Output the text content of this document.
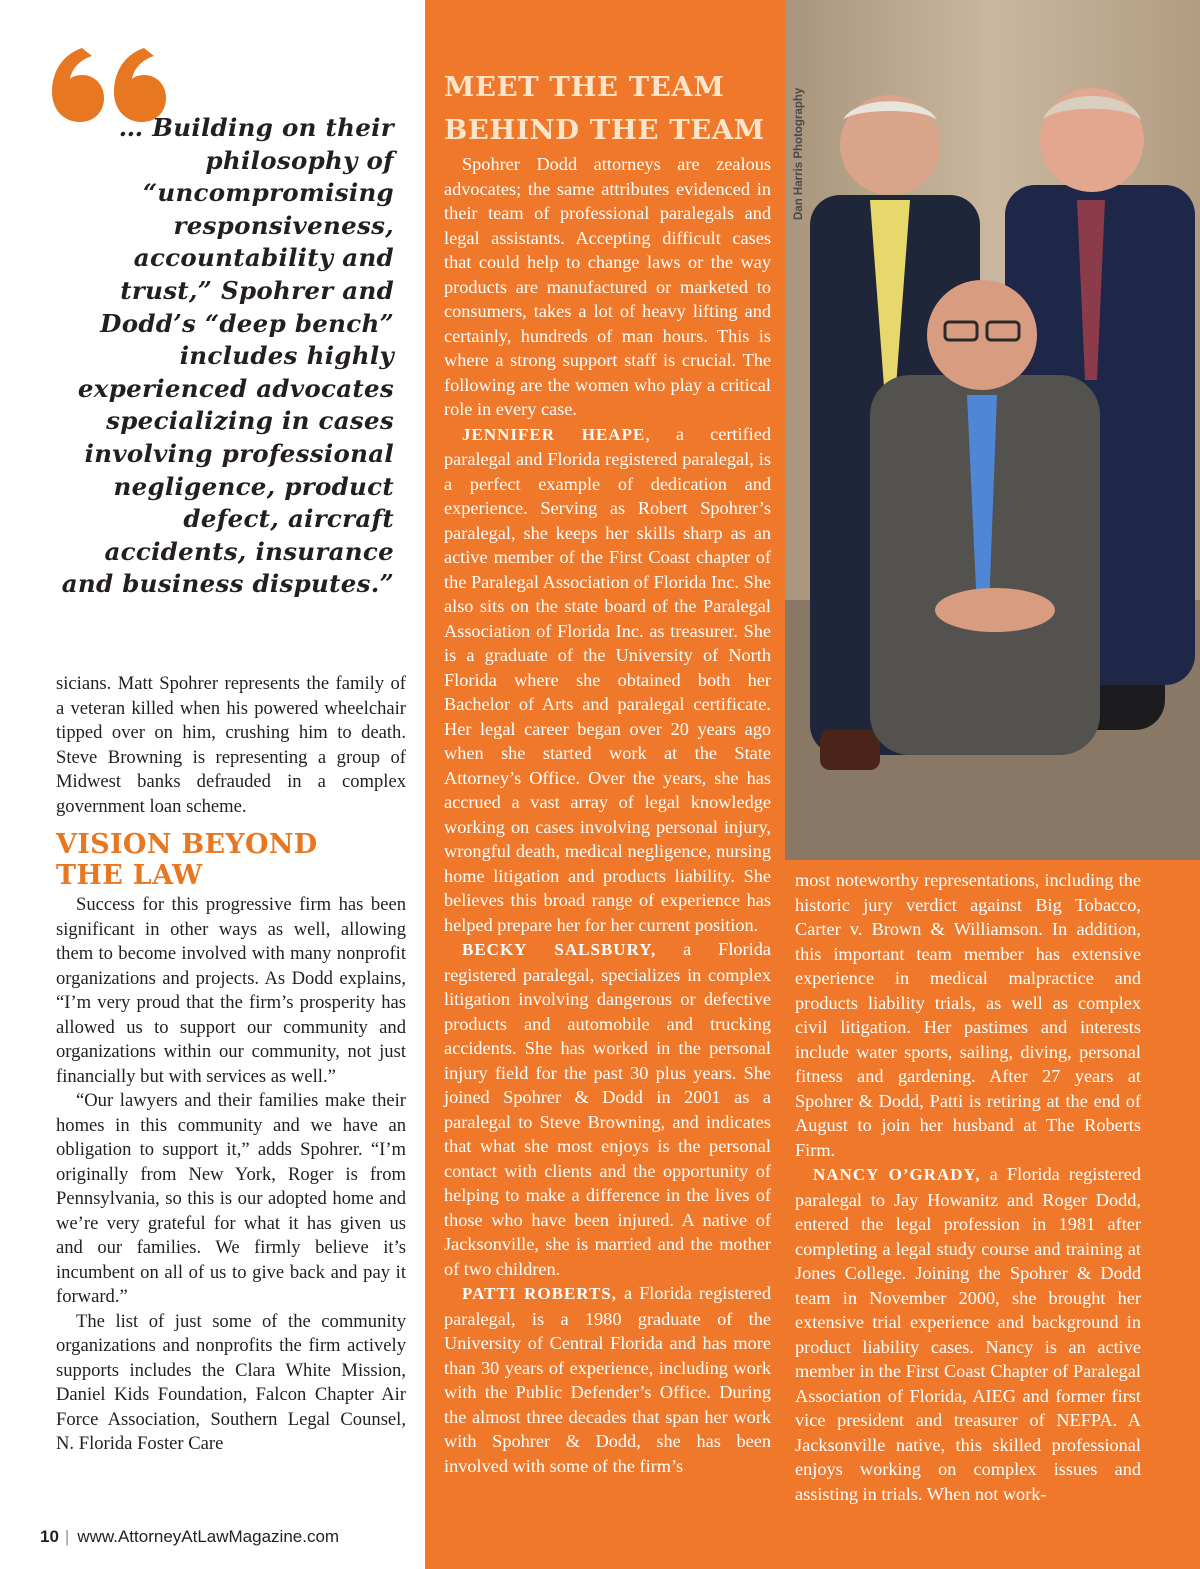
… Building on their philosophy of “uncompromising responsiveness, accountability and trust,” Spohrer and Dodd’s “deep bench” includes highly experienced advocates specializing in cases involving professional negligence, product defect, aircraft accidents, insurance and business disputes.”

sicians. Matt Spohrer represents the family of a veteran killed when his powered wheelchair tipped over on him, crushing him to death. Steve Browning is representing a group of Midwest banks defrauded in a complex government loan scheme.

VISION BEYOND
THE LAW

Success for this progressive firm has been significant in other ways as well, allowing them to become involved with many nonprofit organizations and projects. As Dodd explains, “I’m very proud that the firm’s prosperity has allowed us to support our community and organizations within our community, not just financially but with services as well.”

“Our lawyers and their families make their homes in this community and we have an obligation to support it,” adds Spohrer. “I’m originally from New York, Roger is from Pennsylvania, so this is our adopted home and we’re very grateful for what it has given us and our families. We firmly believe it’s incumbent on all of us to give back and pay it forward.”

The list of just some of the community organizations and nonprofits the firm actively supports includes the Clara White Mission, Daniel Kids Foundation, Falcon Chapter Air Force Association, Southern Legal Counsel, N. Florida Foster Care

Dan Harris Photography
MEET THE TEAM
BEHIND THE TEAM

Spohrer Dodd attorneys are zealous advocates; the same attributes evidenced in their team of professional paralegals and legal assistants. Accepting difficult cases that could help to change laws or the way products are manufactured or marketed to consumers, takes a lot of heavy lifting and certainly, hundreds of man hours. This is where a strong support staff is crucial. The following are the women who play a critical role in every case.

JENNIFER HEAPE, a certified paralegal and Florida registered paralegal, is a perfect example of dedication and experience. Serving as Robert Spohrer’s paralegal, she keeps her skills sharp as an active member of the First Coast chapter of the Paralegal Association of Florida Inc. She also sits on the state board of the Paralegal Association of Florida Inc. as treasurer. She is a graduate of the University of North Florida where she obtained both her Bachelor of Arts and paralegal certificate. Her legal career began over 20 years ago when she started work at the State Attorney’s Office. Over the years, she has accrued a vast array of legal knowledge working on cases involving personal injury, wrongful death, medical negligence, nursing home litigation and products liability. She believes this broad range of experience has helped prepare her for her current position.

BECKY SALSBURY, a Florida registered paralegal, specializes in complex litigation involving dangerous or defective products and automobile and trucking accidents. She has worked in the personal injury field for the past 30 plus years. She joined Spohrer & Dodd in 2001 as a paralegal to Steve Browning, and indicates that what she most enjoys is the personal contact with clients and the opportunity of helping to make a difference in the lives of those who have been injured. A native of Jacksonville, she is married and the mother of two children.

PATTI ROBERTS, a Florida registered paralegal, is a 1980 graduate of the University of Central Florida and has more than 30 years of experience, including work with the Public Defender’s Office. During the almost three decades that span her work with Spohrer & Dodd, she has been involved with some of the firm’s

most noteworthy representations, including the historic jury verdict against Big Tobacco, Carter v. Brown & Williamson. In addition, this important team member has extensive experience in medical malpractice and products liability trials, as well as complex civil litigation. Her pastimes and interests include water sports, sailing, diving, personal fitness and gardening. After 27 years at Spohrer & Dodd, Patti is retiring at the end of August to join her husband at The Roberts Firm.

NANCY O’GRADY, a Florida registered paralegal to Jay Howanitz and Roger Dodd, entered the legal profession in 1981 after completing a legal study course and training at Jones College. Joining the Spohrer & Dodd team in November 2000, she brought her extensive trial experience and background in product liability cases. Nancy is an active member in the First Coast Chapter of Paralegal Association of Florida, AIEG and former first vice president and treasurer of NEFPA. A Jacksonville native, this skilled professional enjoys working on complex issues and assisting in trials. When not work-

10 | www.AttorneyAtLawMagazine.com
